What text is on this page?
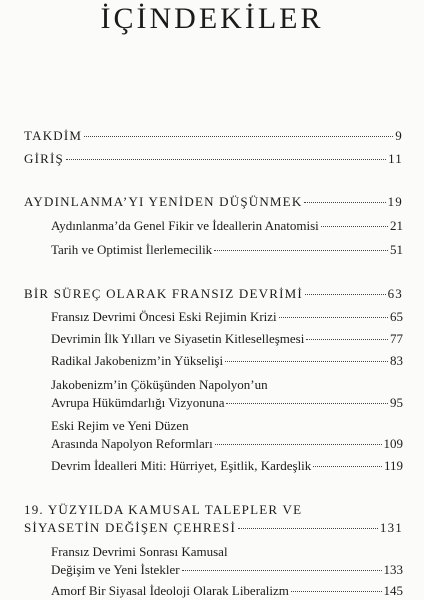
İÇİNDEKİLER
TAKDİM	9
GİRİŞ	11
AYDINLANMA’YI YENİDEN DÜŞÜNMEK	19
Aydınlanma’da Genel Fikir ve İdeallerin Anatomisi	21
Tarih ve Optimist İlerlemecilik	51
BİR SÜREÇ OLARAK FRANSIZ DEVRİMİ	63
Fransız Devrimi Öncesi Eski Rejimin Krizi	65
Devrimin İlk Yılları ve Siyasetin Kitleselleşmesi	77
Radikal Jakobenizm’in Yükselişi	83
Jakobenizm’in Çöküşünden Napolyon’un
Avrupa Hükümdarlığı Vizyonuna	95
Eski Rejim ve Yeni Düzen
Arasında Napolyon Reformları	109
Devrim İdealleri Miti: Hürriyet, Eşitlik, Kardeşlik	119
19. YÜZYILDA KAMUSAL TALEPLER VE
SİYASETİN DEĞİŞEN ÇEHRESİ	131
Fransız Devrimi Sonrası Kamusal
Değişim ve Yeni İstekler	133
Amorf Bir Siyasal İdeoloji Olarak Liberalizm	145
